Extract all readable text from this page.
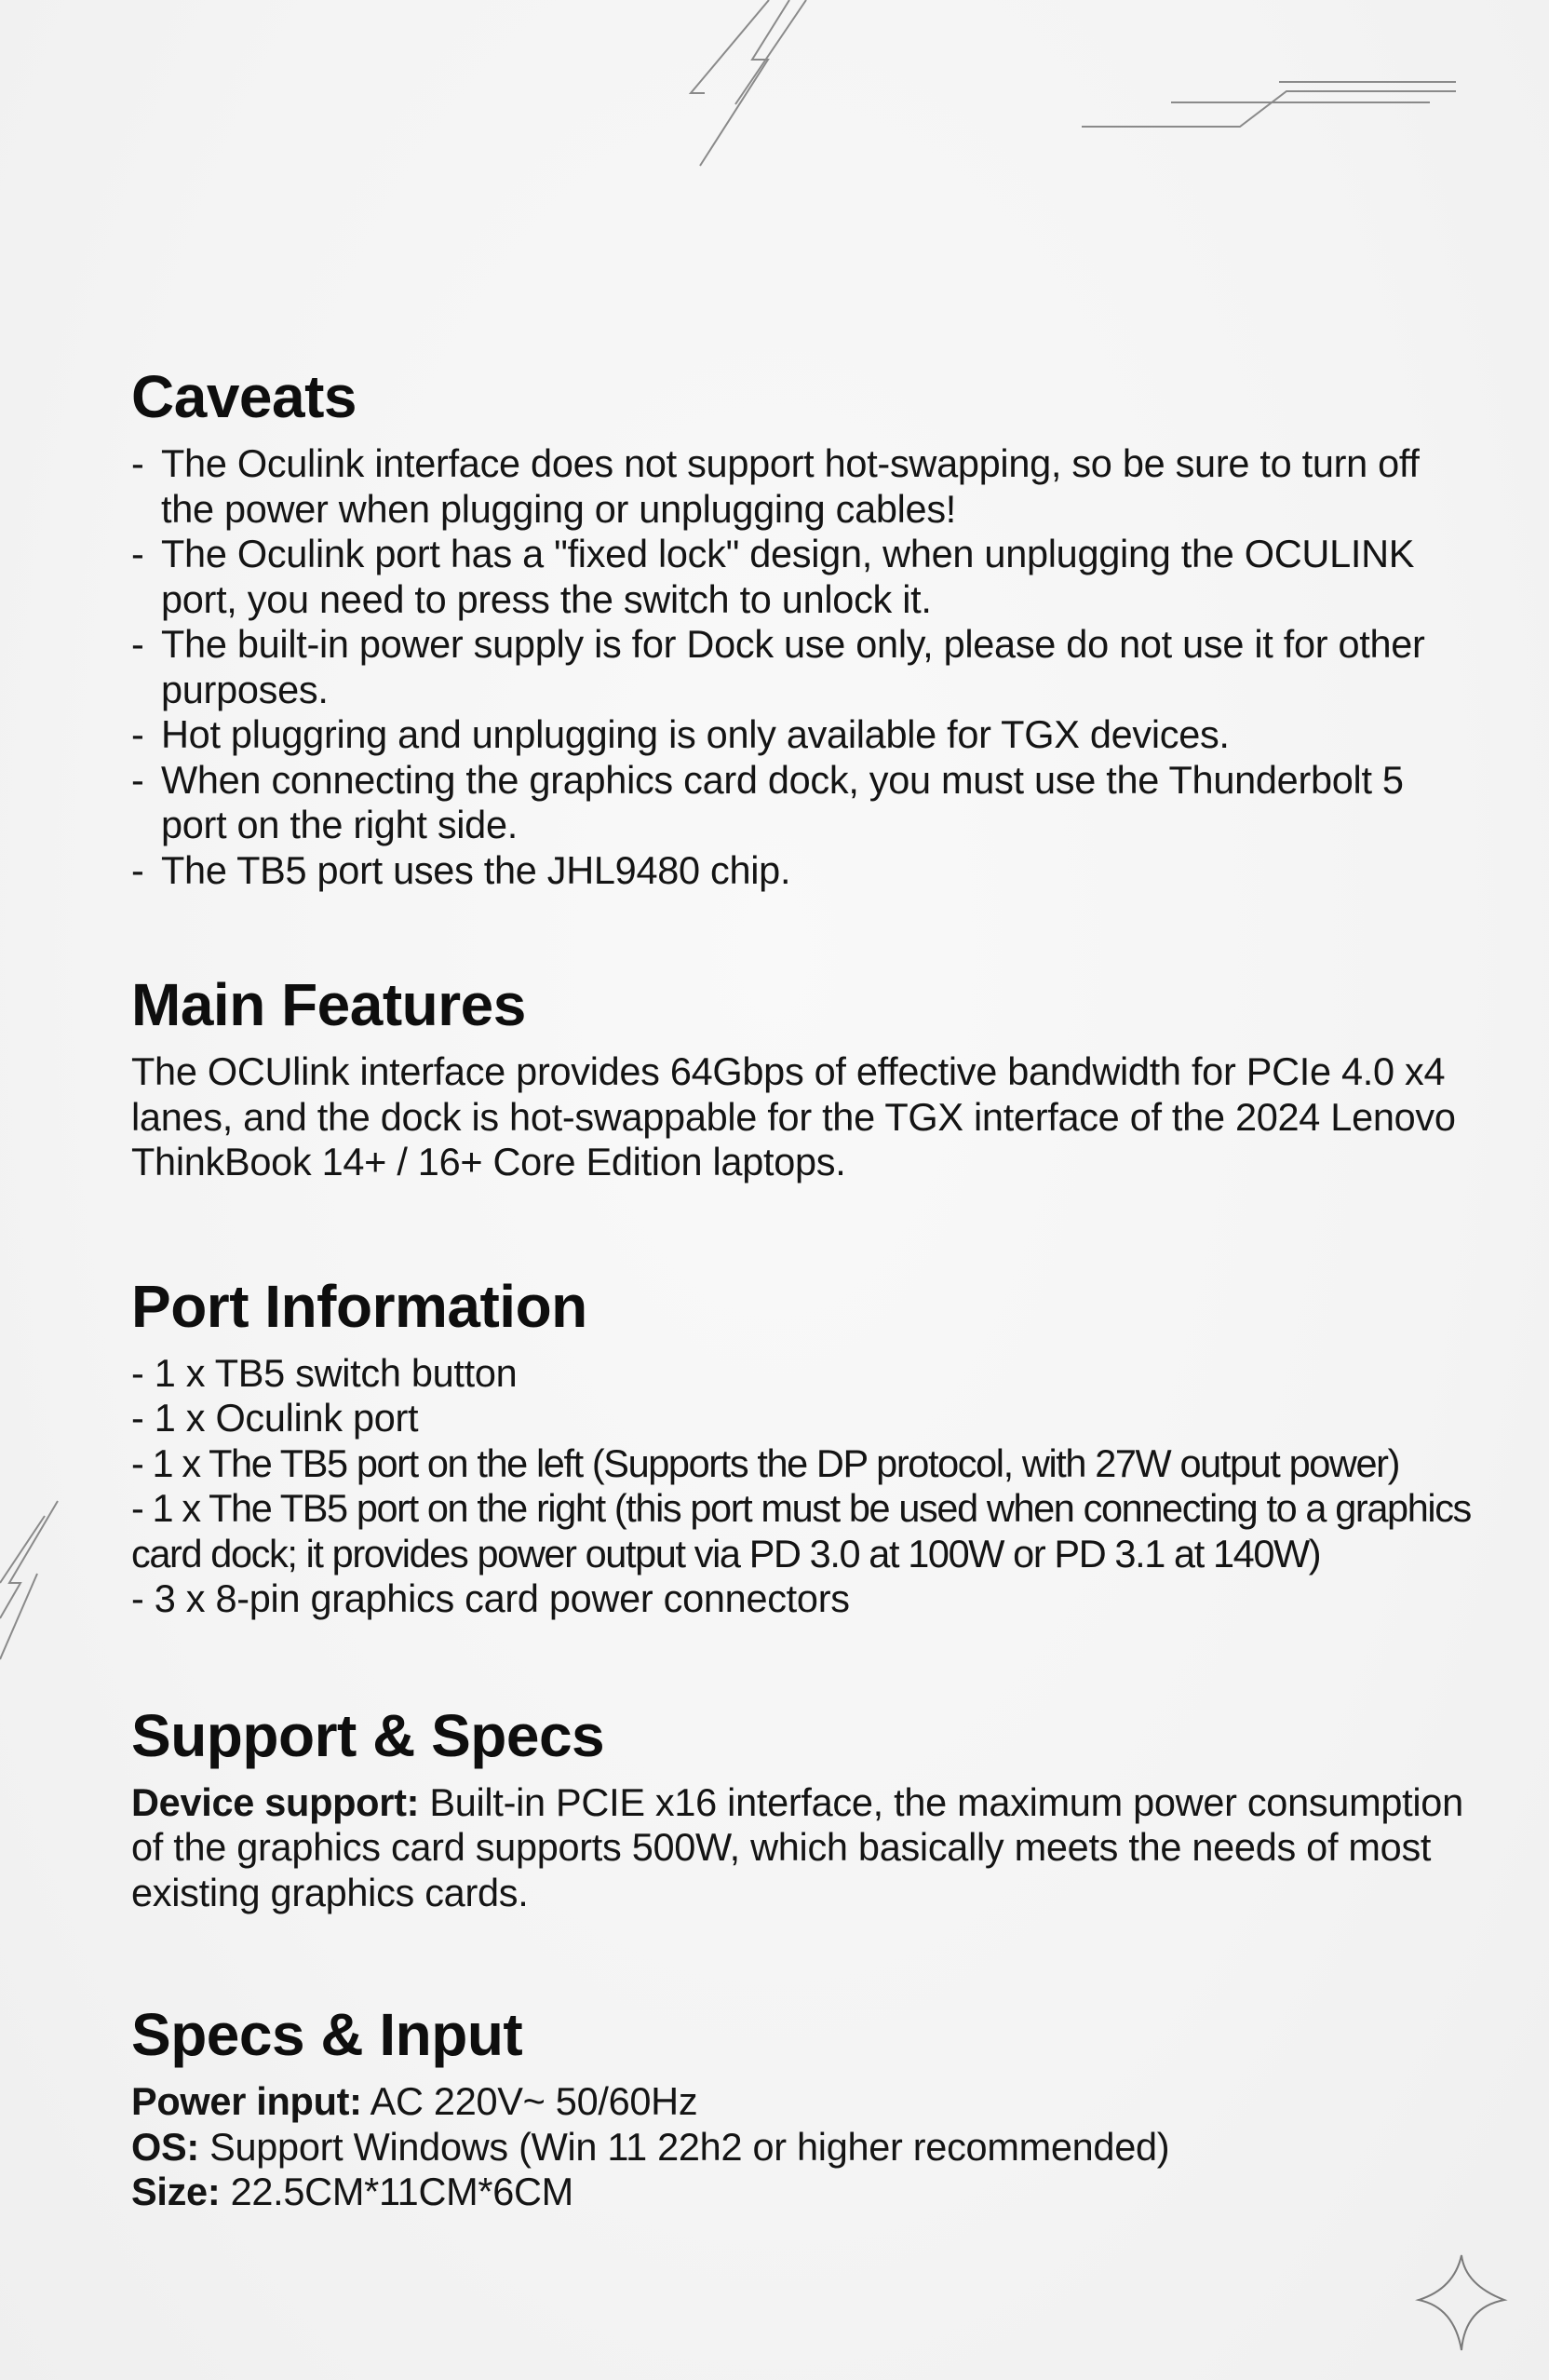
Caveats
- The Oculink interface does not support hot-swapping, so be sure to turn off the power when plugging or unplugging cables!
- The Oculink port has a "fixed lock" design, when unplugging the OCULINK port, you need to press the switch to unlock it.
- The built-in power supply is for Dock use only, please do not use it for other purposes.
- Hot pluggring and unplugging is only available for TGX devices.
- When connecting the graphics card dock, you must use the Thunderbolt 5 port on the right side.
- The TB5 port uses the JHL9480 chip.
Main Features

The OCUlink interface provides 64Gbps of effective bandwidth for PCIe 4.0 x4 lanes, and the dock is hot-swappable for the TGX interface of the 2024 Lenovo ThinkBook 14+ / 16+ Core Edition laptops.

Port Information
- 1 x TB5 switch button
- 1 x Oculink port
- 1 x The TB5 port on the left (Supports the DP protocol, with 27W output power)
- 1 x The TB5 port on the right (this port must be used when connecting to a graphics card dock; it provides power output via PD 3.0 at 100W or PD 3.1 at 140W)
- 3 x 8-pin graphics card power connectors
Support & Specs

Device support: Built-in PCIE x16 interface, the maximum power consumption of the graphics card supports 500W, which basically meets the needs of most existing graphics cards.

Specs & Input

Power input: AC 220V~ 50/60Hz

OS: Support Windows (Win 11 22h2 or higher recommended)

Size: 22.5CM*11CM*6CM
